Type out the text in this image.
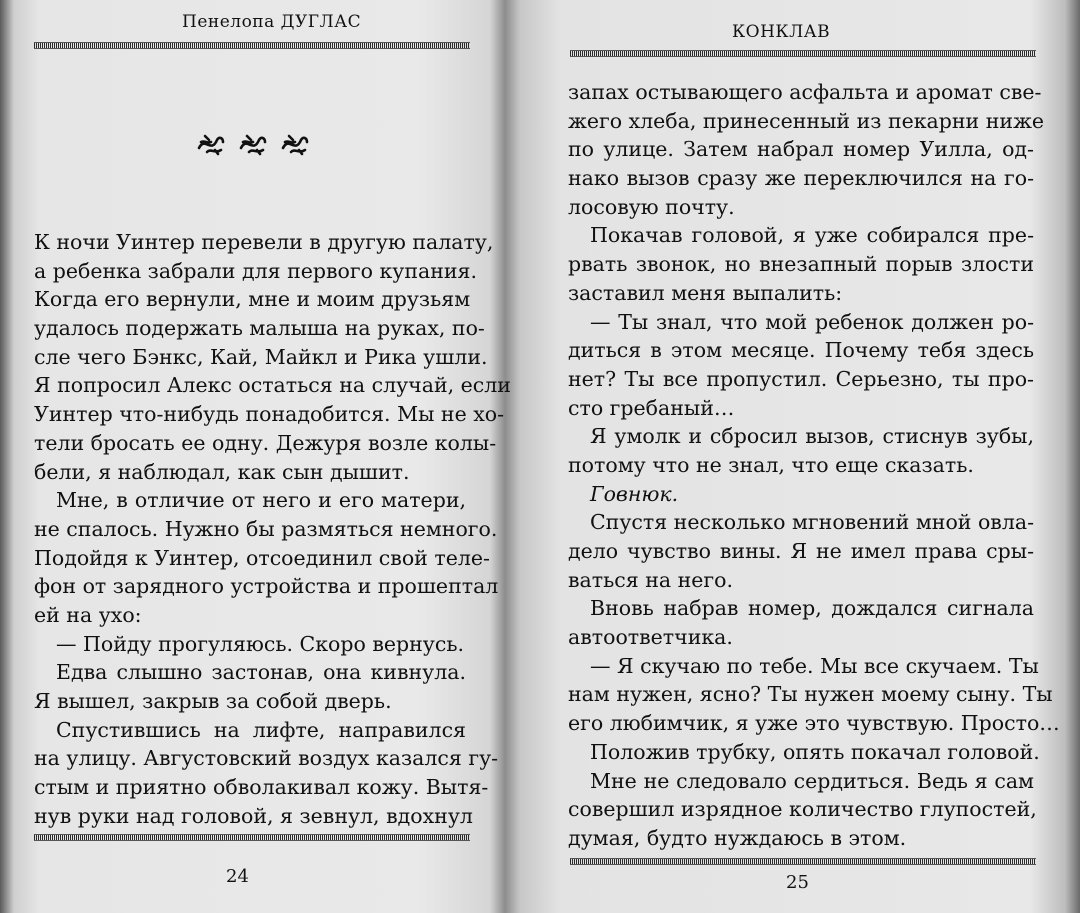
Пенелопа ДУГЛАС
К ночи Уинтер перевели в другую палату,
а ребенка забрали для первого купания.
Когда его вернули, мне и моим друзьям
удалось подержать малыша на руках, по-
сле чего Бэнкс, Кай, Майкл и Рика ушли.
Я попросил Алекс остаться на случай, если
Уинтер что-нибудь понадобится. Мы не хо-
тели бросать ее одну. Дежуря возле колы-
бели, я наблюдал, как сын дышит.
Мне, в отличие от него и его матери,
не спалось. Нужно бы размяться немного.
Подойдя к Уинтер, отсоединил свой теле-
фон от зарядного устройства и прошептал
ей на ухо:
— Пойду прогуляюсь. Скоро вернусь.
Едва слышно застонав, она кивнула.
Я вышел, закрыв за собой дверь.
Спустившись на лифте, направился
на улицу. Августовский воздух казался гу-
стым и приятно обволакивал кожу. Вытя-
нув руки над головой, я зевнул, вдохнул
24
КОНКЛАВ
25
запах остывающего асфальта и аромат све-
жего хлеба, принесенный из пекарни ниже
по улице. Затем набрал номер Уилла, од-
нако вызов сразу же переключился на го-
лосовую почту.
Покачав головой, я уже собирался пре-
рвать звонок, но внезапный порыв злости
заставил меня выпалить:
— Ты знал, что мой ребенок должен ро-
диться в этом месяце. Почему тебя здесь
нет? Ты все пропустил. Серьезно, ты про-
сто гребаный…
Я умолк и сбросил вызов, стиснув зубы,
потому что не знал, что еще сказать.
Говнюк.
Спустя несколько мгновений мной овла-
дело чувство вины. Я не имел права сры-
ваться на него.
Вновь набрав номер, дождался сигнала
автоответчика.
— Я скучаю по тебе. Мы все скучаем. Ты
нам нужен, ясно? Ты нужен моему сыну. Ты
его любимчик, я уже это чувствую. Просто…
Положив трубку, опять покачал головой.
Мне не следовало сердиться. Ведь я сам
совершил изрядное количество глупостей,
думая, будто нуждаюсь в этом.
